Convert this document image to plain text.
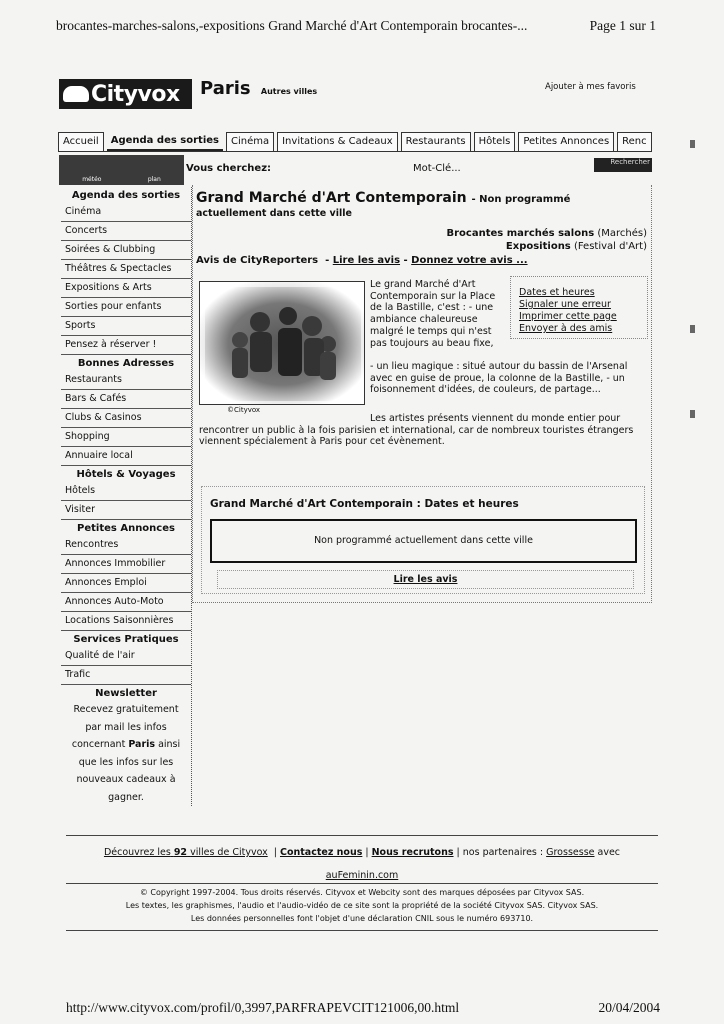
brocantes-marches-salons,-expositions Grand Marché d'Art Contemporain brocantes-...	Page 1 sur 1
Cityvox Paris Autres villes	Ajouter à mes favoris
Accueil	Agenda des sorties	Cinéma	Invitations & Cadeaux	Restaurants	Hôtels	Petites Annonces	Renc
météo	plan
Vous cherchez:	Mot-Clé...
Rechercher
Agenda des sorties
Cinéma
Concerts
Soirées & Clubbing
Théâtres & Spectacles
Expositions & Arts
Sorties pour enfants
Sports
Pensez à réserver !
Bonnes Adresses
Restaurants
Bars & Cafés
Clubs & Casinos
Shopping
Annuaire local
Hôtels & Voyages
Hôtels
Visiter
Petites Annonces
Rencontres
Annonces Immobilier
Annonces Emploi
Annonces Auto-Moto
Locations Saisonnières
Services Pratiques
Qualité de l'air
Trafic
Newsletter
Recevez gratuitement par mail les infos concernant Paris ainsi que les infos sur les nouveaux cadeaux à gagner.
Grand Marché d'Art Contemporain - Non programmé
actuellement dans cette ville
Brocantes marchés salons (Marchés)
Expositions (Festival d'Art)
Avis de CityReporters  - Lire les avis - Donnez votre avis ...
©Cityvox
Le grand Marché d'Art Contemporain sur la Place de la Bastille, c'est : - une ambiance chaleureuse malgré le temps qui n'est pas toujours au beau fixe,
- un lieu magique : situé autour du bassin de l'Arsenal avec en guise de proue, la colonne de la Bastille, - un foisonnement d'idées, de couleurs, de partage...
Les artistes présents viennent du monde entier pour
rencontrer un public à la fois parisien et international, car de nombreux touristes étrangers viennent spécialement à Paris pour cet évènement.
Dates et heures
Signaler une erreur
Imprimer cette page
Envoyer à des amis
Grand Marché d'Art Contemporain : Dates et heures
Non programmé actuellement dans cette ville
Lire les avis
Découvrez les 92 villes de Cityvox  | Contactez nous | Nous recrutons | nos partenaires : Grossesse avec
auFeminin.com
© Copyright 1997-2004. Tous droits réservés. Cityvox et Webcity sont des marques déposées par Cityvox SAS.
Les textes, les graphismes, l'audio et l'audio-vidéo de ce site sont la propriété de la société Cityvox SAS. Cityvox SAS.
Les données personnelles font l'objet d'une déclaration CNIL sous le numéro 693710.
http://www.cityvox.com/profil/0,3997,PARFRAPEVCIT121006,00.html	20/04/2004
